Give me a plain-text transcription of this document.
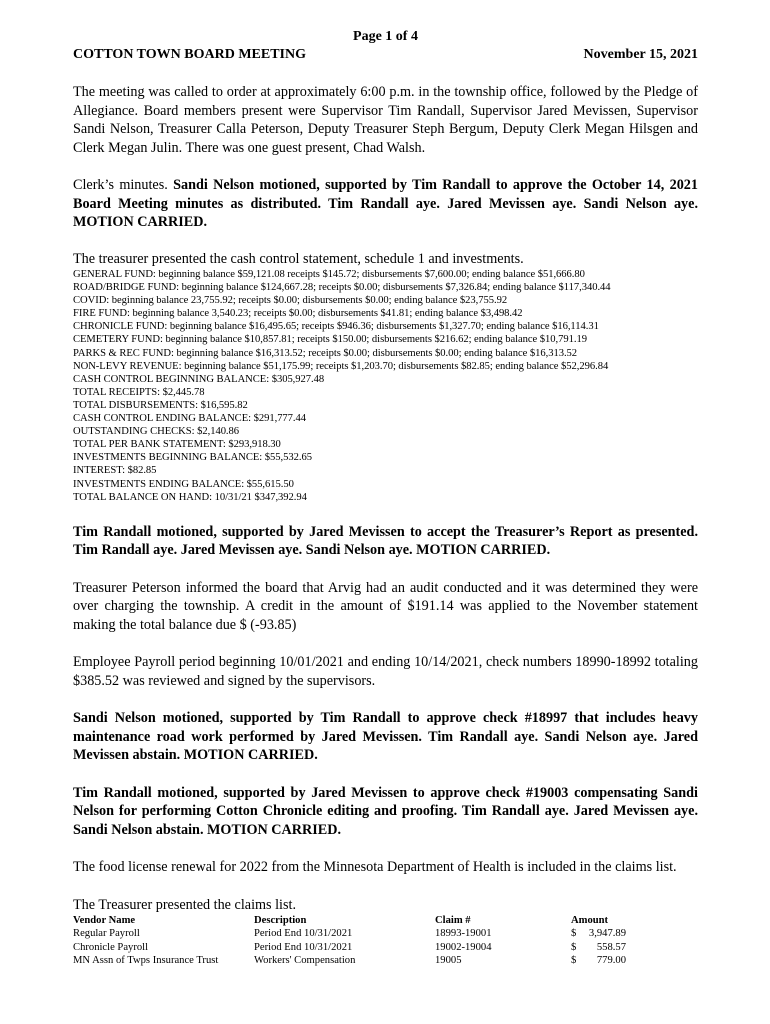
Page 1 of 4
COTTON TOWN BOARD MEETING	November 15, 2021

The meeting was called to order at approximately 6:00 p.m. in the township office, followed by the Pledge of Allegiance. Board members present were Supervisor Tim Randall, Supervisor Jared Mevissen, Supervisor Sandi Nelson, Treasurer Calla Peterson, Deputy Treasurer Steph Bergum, Deputy Clerk Megan Hilsgen and Clerk Megan Julin. There was one guest present, Chad Walsh.

Clerk’s minutes. Sandi Nelson motioned, supported by Tim Randall to approve the October 14, 2021 Board Meeting minutes as distributed. Tim Randall aye. Jared Mevissen aye. Sandi Nelson aye. MOTION CARRIED.

The treasurer presented the cash control statement, schedule 1 and investments.

GENERAL FUND: beginning balance $59,121.08 receipts $145.72; disbursements $7,600.00; ending balance $51,666.80
ROAD/BRIDGE FUND: beginning balance $124,667.28; receipts $0.00; disbursements $7,326.84; ending balance $117,340.44
COVID: beginning balance 23,755.92; receipts $0.00; disbursements $0.00; ending balance $23,755.92
FIRE FUND: beginning balance 3,540.23; receipts $0.00; disbursements $41.81; ending balance $3,498.42
CHRONICLE FUND: beginning balance $16,495.65; receipts $946.36; disbursements $1,327.70; ending balance $16,114.31
CEMETERY FUND: beginning balance $10,857.81; receipts $150.00; disbursements $216.62; ending balance $10,791.19
PARKS & REC FUND: beginning balance $16,313.52; receipts $0.00; disbursements $0.00; ending balance $16,313.52
NON-LEVY REVENUE: beginning balance $51,175.99; receipts $1,203.70; disbursements $82.85; ending balance $52,296.84
CASH CONTROL BEGINNING BALANCE: $305,927.48
TOTAL RECEIPTS: $2,445.78
TOTAL DISBURSEMENTS: $16,595.82
CASH CONTROL ENDING BALANCE: $291,777.44
OUTSTANDING CHECKS: $2,140.86
TOTAL PER BANK STATEMENT: $293,918.30
INVESTMENTS BEGINNING BALANCE: $55,532.65
INTEREST: $82.85
INVESTMENTS ENDING BALANCE: $55,615.50
TOTAL BALANCE ON HAND: 10/31/21 $347,392.94

Tim Randall motioned, supported by Jared Mevissen to accept the Treasurer’s Report as presented. Tim Randall aye. Jared Mevissen aye. Sandi Nelson aye. MOTION CARRIED.

Treasurer Peterson informed the board that Arvig had an audit conducted and it was determined they were over charging the township. A credit in the amount of $191.14 was applied to the November statement making the total balance due $ (-93.85)

Employee Payroll period beginning 10/01/2021 and ending 10/14/2021, check numbers 18990-18992 totaling $385.52 was reviewed and signed by the supervisors.

Sandi Nelson motioned, supported by Tim Randall to approve check #18997 that includes heavy maintenance road work performed by Jared Mevissen. Tim Randall aye. Sandi Nelson aye. Jared Mevissen abstain. MOTION CARRIED.

Tim Randall motioned, supported by Jared Mevissen to approve check #19003 compensating Sandi Nelson for performing Cotton Chronicle editing and proofing. Tim Randall aye. Jared Mevissen aye. Sandi Nelson abstain. MOTION CARRIED.

The food license renewal for 2022 from the Minnesota Department of Health is included in the claims list.

The Treasurer presented the claims list.

Vendor Name	Description	Claim #	Amount
Regular Payroll	Period End 10/31/2021	18993-19001	$ 3,947.89

Chronicle Payroll	Period End 10/31/2021	19002-19004	$ 558.57

MN Assn of Twps Insurance Trust	Workers' Compensation	19005	$ 779.00
